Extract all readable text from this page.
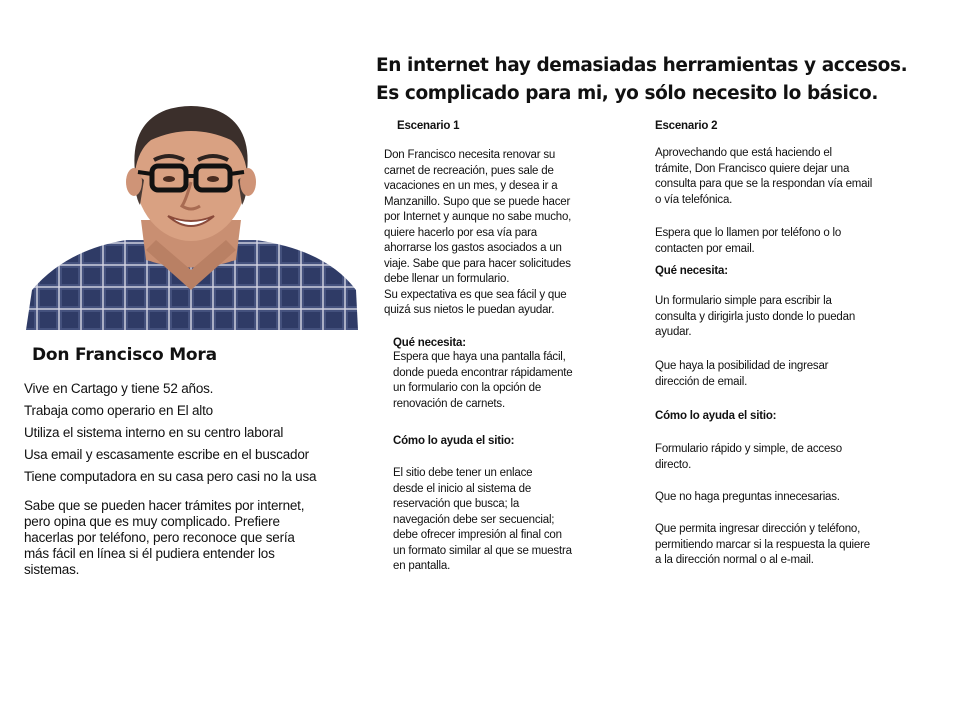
En internet hay demasiadas herramientas y accesos.
Es complicado para mi, yo sólo necesito lo básico.
Don Francisco Mora
Vive en Cartago y tiene 52 años.
Trabaja como operario en El alto
Utiliza el sistema interno en su centro laboral
Usa email y escasamente escribe en el buscador
Tiene computadora en su casa pero casi no la usa
Sabe que se pueden hacer trámites por internet,
pero opina que es muy complicado. Prefiere
hacerlas por teléfono, pero reconoce que sería
más fácil en línea si él pudiera entender los
sistemas.
Escenario 1
Don Francisco necesita renovar su
carnet de recreación, pues sale de
vacaciones en un mes, y desea ir a
Manzanillo. Supo que se puede hacer
por Internet y aunque no sabe mucho,
quiere hacerlo por esa vía para
ahorrarse los gastos asociados a un
viaje. Sabe que para hacer solicitudes
debe llenar un formulario.
Su expectativa es que sea fácil y que
quizá sus nietos le puedan ayudar.
Qué necesita:
Espera que haya una pantalla fácil,
donde pueda encontrar rápidamente
un formulario con la opción de
renovación de carnets.
Cómo lo ayuda el sitio:
El sitio debe tener un enlace
desde el inicio al sistema de
reservación que busca; la
navegación debe ser secuencial;
debe ofrecer impresión al final con
un formato similar al que se muestra
en pantalla.
Escenario 2
Aprovechando que está haciendo el
trámite, Don Francisco quiere dejar una
consulta para que se la respondan vía email
o vía telefónica.
Espera que lo llamen por teléfono o lo
contacten por email.
Qué necesita:
Un formulario simple para escribir la
consulta y dirigirla justo donde lo puedan
ayudar.
Que haya la posibilidad de ingresar
dirección de email.
Cómo lo ayuda el sitio:
Formulario rápido y simple, de acceso
directo.
Que no haga preguntas innecesarias.
Que permita ingresar dirección y teléfono,
permitiendo marcar si la respuesta la quiere
a la dirección normal o al e-mail.
